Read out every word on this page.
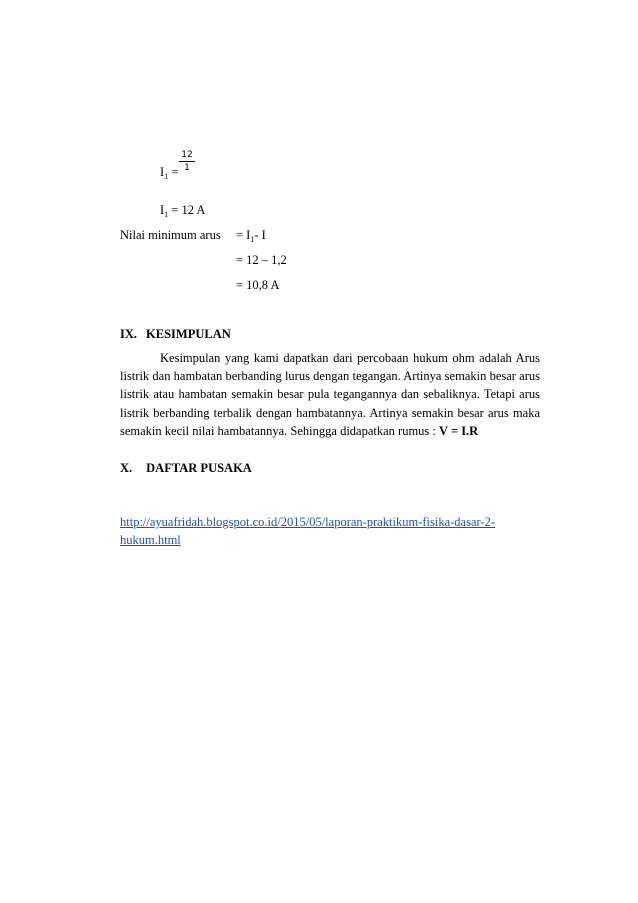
$\frac{12}{1}$
$I_1$ =
$I_1 = 12$ A
Nilai minimum arus = $I_1-$ I
= 12 – 1,2
= 10,8 A
IX. KESIMPULAN
Kesimpulan yang kami dapatkan dari percobaan hukum ohm adalah Arus listrik dan hambatan berbanding lurus dengan tegangan. Artinya semakin besar arus listrik atau hambatan semakin besar pula tegangannya dan sebaliknya. Tetapi arus listrik berbanding terbalik dengan hambatannya. Artinya semakin besar arus maka semakin kecil nilai hambatannya. Sehingga didapatkan rumus : V = I.R
X. DAFTAR PUSAKA
http://ayuafridah.blogspot.co.id/2015/05/laporan-praktikum-fisika-dasar-2-hukum.html
